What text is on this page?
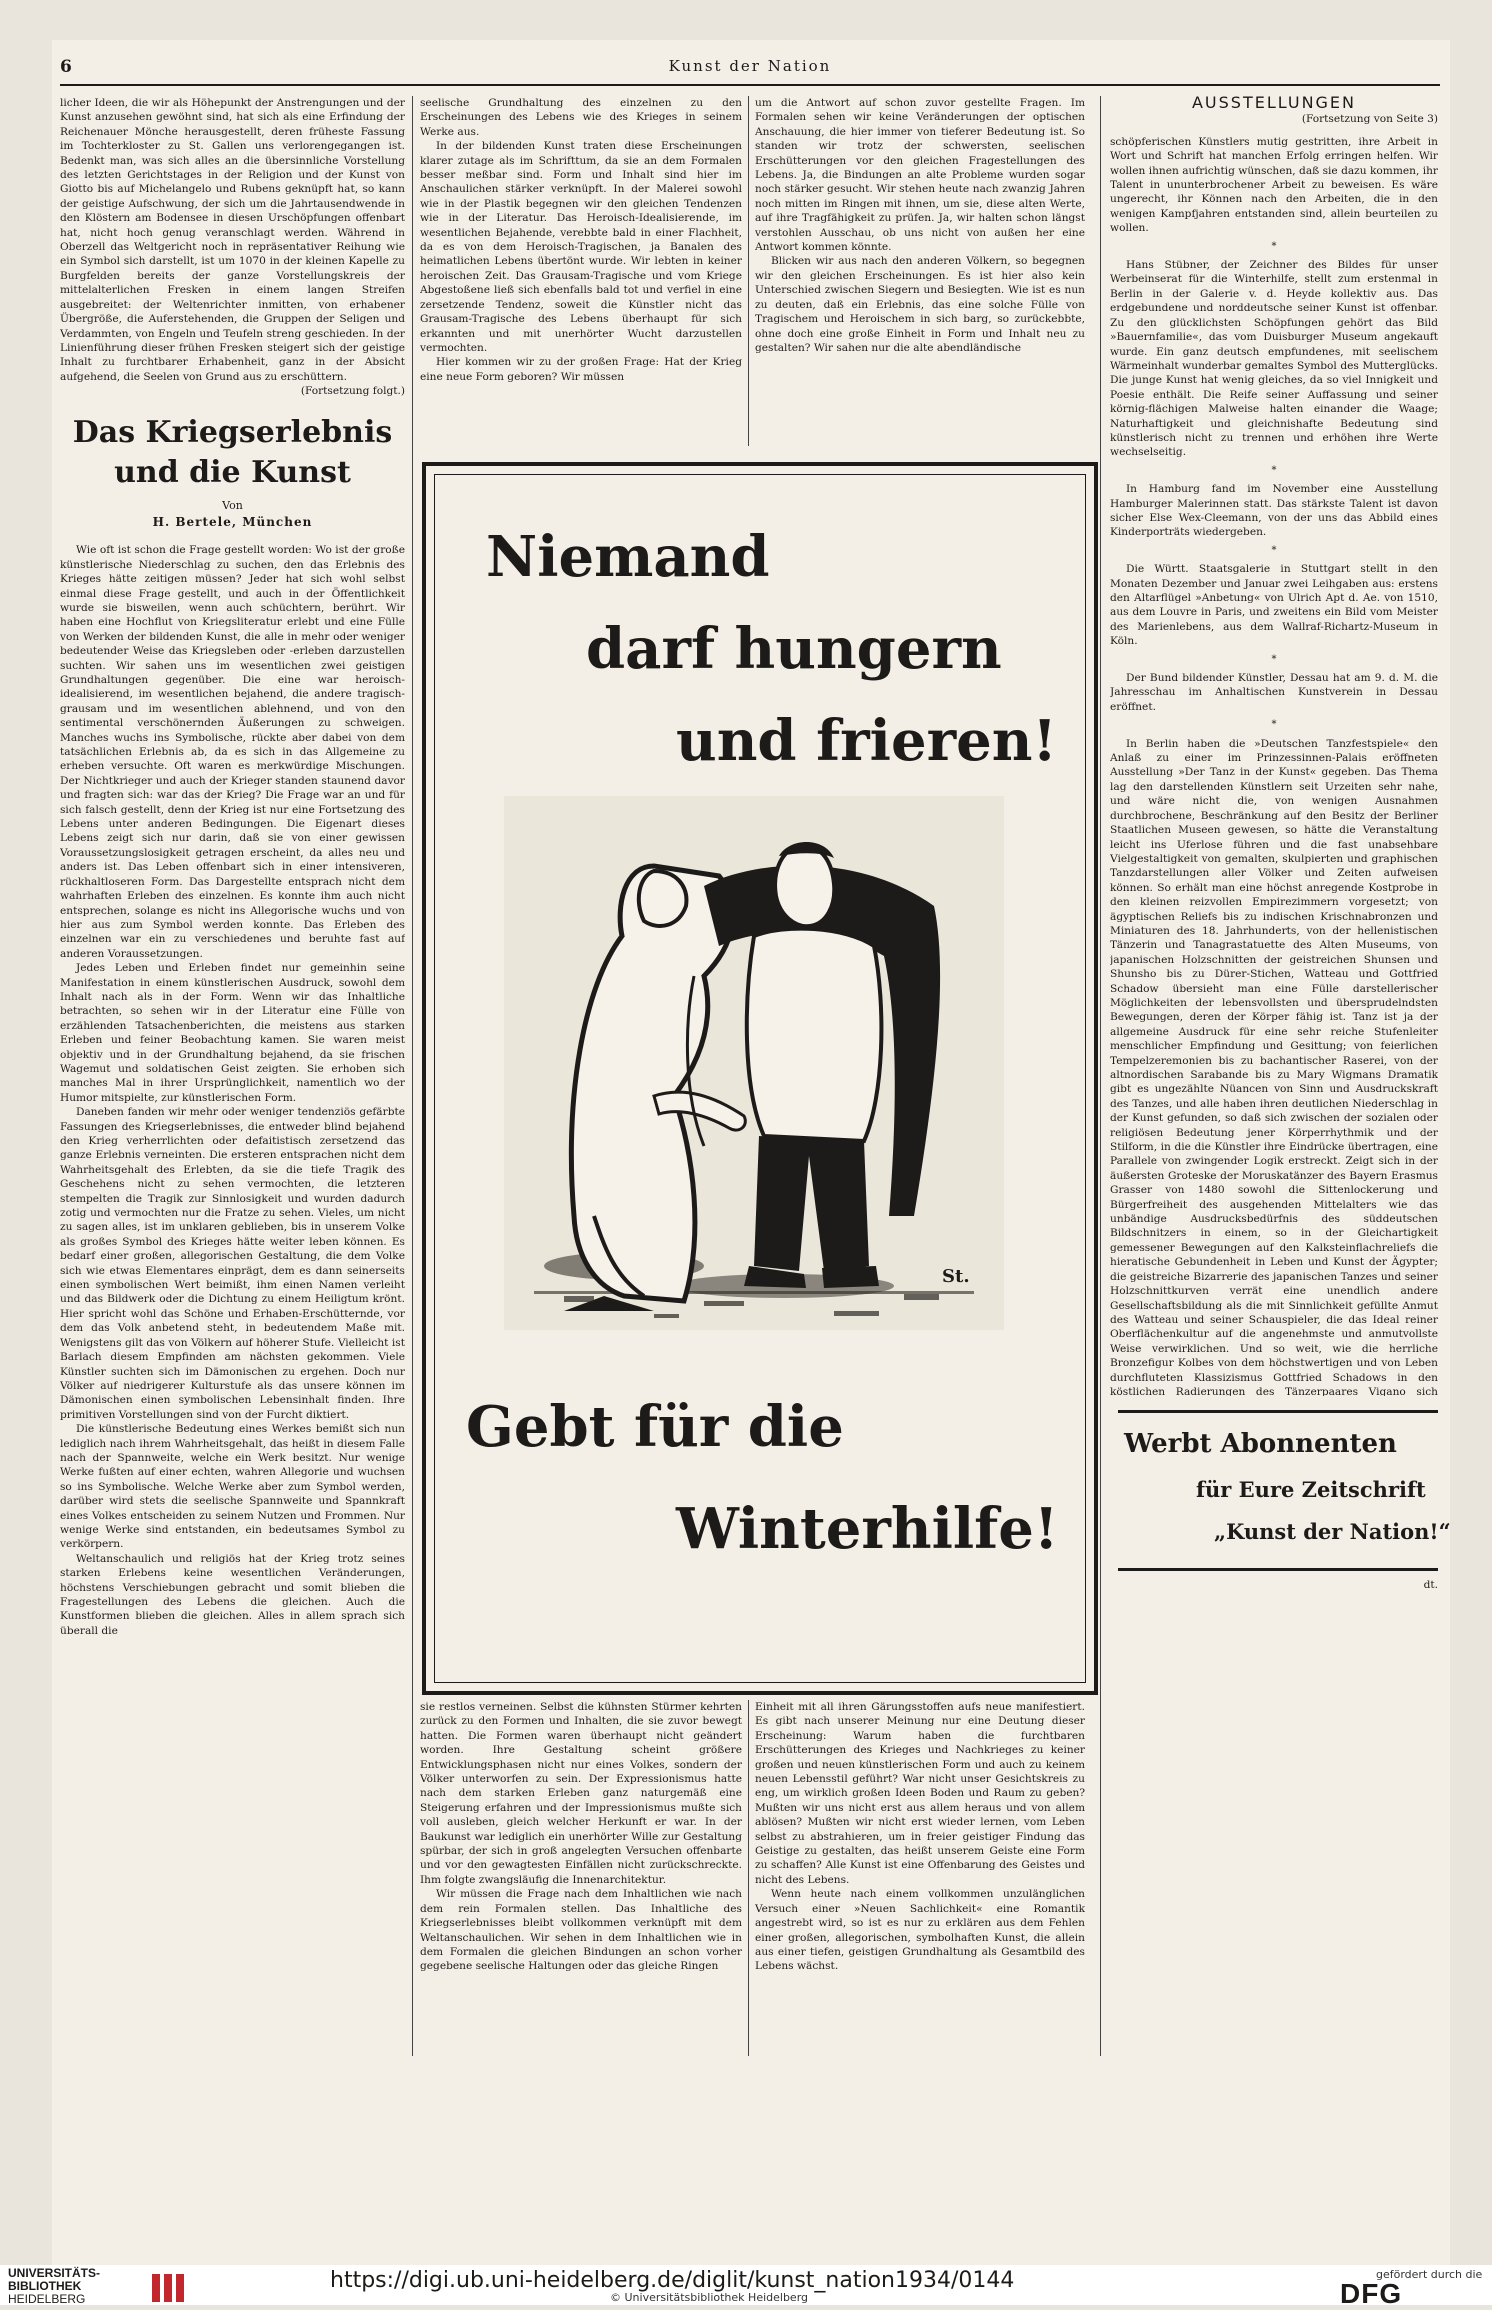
6	Kunst der Nation

licher Ideen, die wir als Höhepunkt der Anstrengungen und der Kunst anzusehen gewöhnt sind, hat sich als eine Erfindung der Reichenauer Mönche herausgestellt, deren früheste Fassung im Tochterkloster zu St. Gallen uns verlorengegangen ist. Bedenkt man, was sich alles an die übersinnliche Vorstellung des letzten Gerichtstages in der Religion und der Kunst von Giotto bis auf Michelangelo und Rubens geknüpft hat, so kann der geistige Aufschwung, der sich um die Jahrtausendwende in den Klöstern am Bodensee in diesen Urschöpfungen offenbart hat, nicht hoch genug veranschlagt werden. Während in Oberzell das Weltgericht noch in repräsentativer Reihung wie ein Symbol sich darstellt, ist um 1070 in der kleinen Kapelle zu Burgfelden bereits der ganze Vorstellungskreis der mittelalterlichen Fresken in einem langen Streifen ausgebreitet: der Weltenrichter inmitten, von erhabener Übergröße, die Auferstehenden, die Gruppen der Seligen und Verdammten, von Engeln und Teufeln streng geschieden. In der Linienführung dieser frühen Fresken steigert sich der geistige Inhalt zu furchtbarer Erhabenheit, ganz in der Absicht aufgehend, die Seelen von Grund aus zu erschüttern.

(Fortsetzung folgt.)

Das Kriegserlebnis und die Kunst
Von
H. Bertele, München

Wie oft ist schon die Frage gestellt worden: Wo ist der große künstlerische Niederschlag zu suchen, den das Erlebnis des Krieges hätte zeitigen müssen? Jeder hat sich wohl selbst einmal diese Frage gestellt, und auch in der Öffentlichkeit wurde sie bisweilen, wenn auch schüchtern, berührt. Wir haben eine Hochflut von Kriegsliteratur erlebt und eine Fülle von Werken der bildenden Kunst, die alle in mehr oder weniger bedeutender Weise das Kriegsleben oder -erleben darzustellen suchten. Wir sahen uns im wesentlichen zwei geistigen Grundhaltungen gegenüber. Die eine war heroisch-idealisierend, im wesentlichen bejahend, die andere tragisch-grausam und im wesentlichen ablehnend, und von den sentimental verschönernden Äußerungen zu schweigen. Manches wuchs ins Symbolische, rückte aber dabei von dem tatsächlichen Erlebnis ab, da es sich in das Allgemeine zu erheben versuchte. Oft waren es merkwürdige Mischungen. Der Nichtkrieger und auch der Krieger standen staunend davor und fragten sich: war das der Krieg? Die Frage war an und für sich falsch gestellt, denn der Krieg ist nur eine Fortsetzung des Lebens unter anderen Bedingungen. Die Eigenart dieses Lebens zeigt sich nur darin, daß sie von einer gewissen Voraussetzungslosigkeit getragen erscheint, da alles neu und anders ist. Das Leben offenbart sich in einer intensiveren, rückhaltloseren Form. Das Dargestellte entsprach nicht dem wahrhaften Erleben des einzelnen. Es konnte ihm auch nicht entsprechen, solange es nicht ins Allegorische wuchs und von hier aus zum Symbol werden konnte. Das Erleben des einzelnen war ein zu verschiedenes und beruhte fast auf anderen Voraussetzungen.

Jedes Leben und Erleben findet nur gemeinhin seine Manifestation in einem künstlerischen Ausdruck, sowohl dem Inhalt nach als in der Form. Wenn wir das Inhaltliche betrachten, so sehen wir in der Literatur eine Fülle von erzählenden Tatsachenberichten, die meistens aus starken Erleben und feiner Beobachtung kamen. Sie waren meist objektiv und in der Grundhaltung bejahend, da sie frischen Wagemut und soldatischen Geist zeigten. Sie erhoben sich manches Mal in ihrer Ursprünglichkeit, namentlich wo der Humor mitspielte, zur künstlerischen Form.

Daneben fanden wir mehr oder weniger tendenziös gefärbte Fassungen des Kriegserlebnisses, die entweder blind bejahend den Krieg verherrlichten oder defaitistisch zersetzend das ganze Erlebnis verneinten. Die ersteren entsprachen nicht dem Wahrheitsgehalt des Erlebten, da sie die tiefe Tragik des Geschehens nicht zu sehen vermochten, die letzteren stempelten die Tragik zur Sinnlosigkeit und wurden dadurch zotig und vermochten nur die Fratze zu sehen. Vieles, um nicht zu sagen alles, ist im unklaren geblieben, bis in unserem Volke als großes Symbol des Krieges hätte weiter leben können. Es bedarf einer großen, allegorischen Gestaltung, die dem Volke sich wie etwas Elementares einprägt, dem es dann seinerseits einen symbolischen Wert beimißt, ihm einen Namen verleiht und das Bildwerk oder die Dichtung zu einem Heiligtum krönt. Hier spricht wohl das Schöne und Erhaben-Erschütternde, vor dem das Volk anbetend steht, in bedeutendem Maße mit. Wenigstens gilt das von Völkern auf höherer Stufe. Vielleicht ist Barlach diesem Empfinden am nächsten gekommen. Viele Künstler suchten sich im Dämonischen zu ergehen. Doch nur Völker auf niedrigerer Kulturstufe als das unsere können im Dämonischen einen symbolischen Lebensinhalt finden. Ihre primitiven Vorstellungen sind von der Furcht diktiert.

Die künstlerische Bedeutung eines Werkes bemißt sich nun lediglich nach ihrem Wahrheitsgehalt, das heißt in diesem Falle nach der Spannweite, welche ein Werk besitzt. Nur wenige Werke fußten auf einer echten, wahren Allegorie und wuchsen so ins Symbolische. Welche Werke aber zum Symbol werden, darüber wird stets die seelische Spannweite und Spannkraft eines Volkes entscheiden zu seinem Nutzen und Frommen. Nur wenige Werke sind entstanden, ein bedeutsames Symbol zu verkörpern.

Weltanschaulich und religiös hat der Krieg trotz seines starken Erlebens keine wesentlichen Veränderungen, höchstens Verschiebungen gebracht und somit blieben die Fragestellungen des Lebens die gleichen. Auch die Kunstformen blieben die gleichen. Alles in allem sprach sich überall die

seelische Grundhaltung des einzelnen zu den Erscheinungen des Lebens wie des Krieges in seinem Werke aus.

In der bildenden Kunst traten diese Erscheinungen klarer zutage als im Schrifttum, da sie an dem Formalen besser meßbar sind. Form und Inhalt sind hier im Anschaulichen stärker verknüpft. In der Malerei sowohl wie in der Plastik begegnen wir den gleichen Tendenzen wie in der Literatur. Das Heroisch-Idealisierende, im wesentlichen Bejahende, verebbte bald in einer Flachheit, da es von dem Heroisch-Tragischen, ja Banalen des heimatlichen Lebens übertönt wurde. Wir lebten in keiner heroischen Zeit. Das Grausam-Tragische und vom Kriege Abgestoßene ließ sich ebenfalls bald tot und verfiel in eine zersetzende Tendenz, soweit die Künstler nicht das Grausam-Tragische des Lebens überhaupt für sich erkannten und mit unerhörter Wucht darzustellen vermochten.

Hier kommen wir zu der großen Frage: Hat der Krieg eine neue Form geboren? Wir müssen

um die Antwort auf schon zuvor gestellte Fragen. Im Formalen sehen wir keine Veränderungen der optischen Anschauung, die hier immer von tieferer Bedeutung ist. So standen wir trotz der schwersten, seelischen Erschütterungen vor den gleichen Fragestellungen des Lebens. Ja, die Bindungen an alte Probleme wurden sogar noch stärker gesucht. Wir stehen heute nach zwanzig Jahren noch mitten im Ringen mit ihnen, um sie, diese alten Werte, auf ihre Tragfähigkeit zu prüfen. Ja, wir halten schon längst verstohlen Ausschau, ob uns nicht von außen her eine Antwort kommen könnte.

Blicken wir aus nach den anderen Völkern, so begegnen wir den gleichen Erscheinungen. Es ist hier also kein Unterschied zwischen Siegern und Besiegten. Wie ist es nun zu deuten, daß ein Erlebnis, das eine solche Fülle von Tragischem und Heroischem in sich barg, so zurückebbte, ohne doch eine große Einheit in Form und Inhalt neu zu gestalten? Wir sahen nur die alte abendländische

Niemand
darf hungern
und frieren!
St.
Gebt für die
Winterhilfe!

sie restlos verneinen. Selbst die kühnsten Stürmer kehrten zurück zu den Formen und Inhalten, die sie zuvor bewegt hatten. Die Formen waren überhaupt nicht geändert worden. Ihre Gestaltung scheint größere Entwicklungsphasen nicht nur eines Volkes, sondern der Völker unterworfen zu sein. Der Expressionismus hatte nach dem starken Erleben ganz naturgemäß eine Steigerung erfahren und der Impressionismus mußte sich voll ausleben, gleich welcher Herkunft er war. In der Baukunst war lediglich ein unerhörter Wille zur Gestaltung spürbar, der sich in groß angelegten Versuchen offenbarte und vor den gewagtesten Einfällen nicht zurückschreckte. Ihm folgte zwangsläufig die Innenarchitektur.

Wir müssen die Frage nach dem Inhaltlichen wie nach dem rein Formalen stellen. Das Inhaltliche des Kriegserlebnisses bleibt vollkommen verknüpft mit dem Weltanschaulichen. Wir sehen in dem Inhaltlichen wie in dem Formalen die gleichen Bindungen an schon vorher gegebene seelische Haltungen oder das gleiche Ringen

Einheit mit all ihren Gärungsstoffen aufs neue manifestiert. Es gibt nach unserer Meinung nur eine Deutung dieser Erscheinung: Warum haben die furchtbaren Erschütterungen des Krieges und Nachkrieges zu keiner großen und neuen künstlerischen Form und auch zu keinem neuen Lebensstil geführt? War nicht unser Gesichtskreis zu eng, um wirklich großen Ideen Boden und Raum zu geben? Mußten wir uns nicht erst aus allem heraus und von allem ablösen? Mußten wir nicht erst wieder lernen, vom Leben selbst zu abstrahieren, um in freier geistiger Findung das Geistige zu gestalten, das heißt unserem Geiste eine Form zu schaffen? Alle Kunst ist eine Offenbarung des Geistes und nicht des Lebens.

Wenn heute nach einem vollkommen unzulänglichen Versuch einer »Neuen Sachlichkeit« eine Romantik angestrebt wird, so ist es nur zu erklären aus dem Fehlen einer großen, allegorischen, symbolhaften Kunst, die allein aus einer tiefen, geistigen Grundhaltung als Gesamtbild des Lebens wächst.

AUSSTELLUNGEN
(Fortsetzung von Seite 3)

schöpferischen Künstlers mutig gestritten, ihre Arbeit in Wort und Schrift hat manchen Erfolg erringen helfen. Wir wollen ihnen aufrichtig wünschen, daß sie dazu kommen, ihr Talent in ununterbrochener Arbeit zu beweisen. Es wäre ungerecht, ihr Können nach den Arbeiten, die in den wenigen Kampfjahren entstanden sind, allein beurteilen zu wollen.

*

Hans Stübner, der Zeichner des Bildes für unser Werbeinserat für die Winterhilfe, stellt zum erstenmal in Berlin in der Galerie v. d. Heyde kollektiv aus. Das erdgebundene und norddeutsche seiner Kunst ist offenbar. Zu den glücklichsten Schöpfungen gehört das Bild »Bauernfamilie«, das vom Duisburger Museum angekauft wurde. Ein ganz deutsch empfundenes, mit seelischem Wärmeinhalt wunderbar gemaltes Symbol des Mutterglücks. Die junge Kunst hat wenig gleiches, da so viel Innigkeit und Poesie enthält. Die Reife seiner Auffassung und seiner körnig-flächigen Malweise halten einander die Waage; Naturhaftigkeit und gleichnishafte Bedeutung sind künstlerisch nicht zu trennen und erhöhen ihre Werte wechselseitig.

*

In Hamburg fand im November eine Ausstellung Hamburger Malerinnen statt. Das stärkste Talent ist davon sicher Else Wex-Cleemann, von der uns das Abbild eines Kinderporträts wiedergeben.

*

Die Württ. Staatsgalerie in Stuttgart stellt in den Monaten Dezember und Januar zwei Leihgaben aus: erstens den Altarflügel »Anbetung« von Ulrich Apt d. Ae. von 1510, aus dem Louvre in Paris, und zweitens ein Bild vom Meister des Marienlebens, aus dem Wallraf-Richartz-Museum in Köln.

*

Der Bund bildender Künstler, Dessau hat am 9. d. M. die Jahresschau im Anhaltischen Kunstverein in Dessau eröffnet.

*

In Berlin haben die »Deutschen Tanzfestspiele« den Anlaß zu einer im Prinzessinnen-Palais eröffneten Ausstellung »Der Tanz in der Kunst« gegeben. Das Thema lag den darstellenden Künstlern seit Urzeiten sehr nahe, und wäre nicht die, von wenigen Ausnahmen durchbrochene, Beschränkung auf den Besitz der Berliner Staatlichen Museen gewesen, so hätte die Veranstaltung leicht ins Uferlose führen und die fast unabsehbare Vielgestaltigkeit von gemalten, skulpierten und graphischen Tanzdarstellungen aller Völker und Zeiten aufweisen können. So erhält man eine höchst anregende Kostprobe in den kleinen reizvollen Empirezimmern vorgesetzt; von ägyptischen Reliefs bis zu indischen Krischnabronzen und Miniaturen des 18. Jahrhunderts, von der hellenistischen Tänzerin und Tanagrastatuette des Alten Museums, von japanischen Holzschnitten der geistreichen Shunsen und Shunsho bis zu Dürer-Stichen, Watteau und Gottfried Schadow übersieht man eine Fülle darstellerischer Möglichkeiten der lebensvollsten und übersprudelndsten Bewegungen, deren der Körper fähig ist. Tanz ist ja der allgemeine Ausdruck für eine sehr reiche Stufenleiter menschlicher Empfindung und Gesittung; von feierlichen Tempelzeremonien bis zu bachantischer Raserei, von der altnordischen Sarabande bis zu Mary Wigmans Dramatik gibt es ungezählte Nüancen von Sinn und Ausdruckskraft des Tanzes, und alle haben ihren deutlichen Niederschlag in der Kunst gefunden, so daß sich zwischen der sozialen oder religiösen Bedeutung jener Körperrhythmik und der Stilform, in die die Künstler ihre Eindrücke übertragen, eine Parallele von zwingender Logik erstreckt. Zeigt sich in der äußersten Groteske der Moruskatänzer des Bayern Erasmus Grasser von 1480 sowohl die Sittenlockerung und Bürgerfreiheit des ausgehenden Mittelalters wie das unbändige Ausdrucksbedürfnis des süddeutschen Bildschnitzers in einem, so in der Gleichartigkeit gemessener Bewegungen auf den Kalksteinflachreliefs die hieratische Gebundenheit in Leben und Kunst der Ägypter; die geistreiche Bizarrerie des japanischen Tanzes und seiner Holzschnittkurven verrät eine unendlich andere Gesellschaftsbildung als die mit Sinnlichkeit gefüllte Anmut des Watteau und seiner Schauspieler, die das Ideal reiner Oberflächenkultur auf die angenehmste und anmutvollste Weise verwirklichen. Und so weit, wie die herrliche Bronzefigur Kolbes von dem höchstwertigen und von Leben durchfluteten Klassizismus Gottfried Schadows in den köstlichen Radierungen des Tänzerpaares Vigano sich

Werbt Abonnenten
für Eure Zeitschrift
„Kunst der Nation!“

dt.

UNIVERSITÄTS-
BIBLIOTHEK
HEIDELBERG
https://digi.ub.uni-heidelberg.de/diglit/kunst_nation1934/0144
© Universitätsbibliothek Heidelberg
gefördert durch die
DFG
